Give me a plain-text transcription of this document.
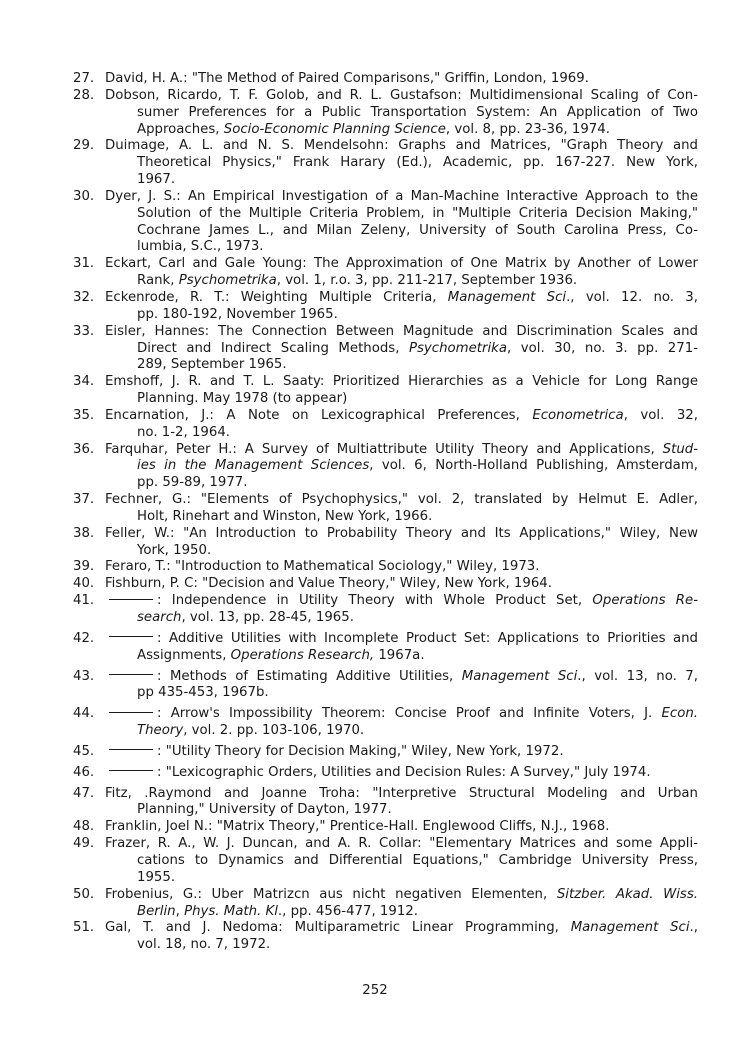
27. David, H. A.: "The Method of Paired Comparisons," Griffin, London, 1969.
28. Dobson, Ricardo, T. F. Golob, and R. L. Gustafson: Multidimensional Scaling of Con-
sumer Preferences for a Public Transportation System: An Application of Two
Approaches, Socio-Economic Planning Science, vol. 8, pp. 23-36, 1974.
29. Duimage, A. L. and N. S. Mendelsohn: Graphs and Matrices, "Graph Theory and
Theoretical Physics," Frank Harary (Ed.), Academic, pp. 167-227. New York,
1967.
30. Dyer, J. S.: An Empirical Investigation of a Man-Machine Interactive Approach to the
Solution of the Multiple Criteria Problem, in "Multiple Criteria Decision Making,"
Cochrane James L., and Milan Zeleny, University of South Carolina Press, Co-
lumbia, S.C., 1973.
31. Eckart, Carl and Gale Young: The Approximation of One Matrix by Another of Lower
Rank, Psychometrika, vol. 1, r.o. 3, pp. 211-217, September 1936.
32. Eckenrode, R. T.: Weighting Multiple Criteria, Management Sci., vol. 12. no. 3,
pp. 180-192, November 1965.
33. Eisler, Hannes: The Connection Between Magnitude and Discrimination Scales and
Direct and Indirect Scaling Methods, Psychometrika, vol. 30, no. 3. pp. 271-
289, September 1965.
34. Emshoff, J. R. and T. L. Saaty: Prioritized Hierarchies as a Vehicle for Long Range
Planning. May 1978 (to appear)
35. Encarnation, J.: A Note on Lexicographical Preferences, Econometrica, vol. 32,
no. 1-2, 1964.
36. Farquhar, Peter H.: A Survey of Multiattribute Utility Theory and Applications, Stud-
ies in the Management Sciences, vol. 6, North-Holland Publishing, Amsterdam,
pp. 59-89, 1977.
37. Fechner, G.: "Elements of Psychophysics," vol. 2, translated by Helmut E. Adler,
Holt, Rinehart and Winston, New York, 1966.
38. Feller, W.: "An Introduction to Probability Theory and Its Applications," Wiley, New
York, 1950.
39. Feraro, T.: "Introduction to Mathematical Sociology," Wiley, 1973.
40. Fishburn, P. C: "Decision and Value Theory," Wiley, New York, 1964.
41.	: Independence in Utility Theory with Whole Product Set, Operations Re-
search, vol. 13, pp. 28-45, 1965.
42.	: Additive Utilities with Incomplete Product Set: Applications to Priorities and
Assignments, Operations Research, 1967a.
43.	: Methods of Estimating Additive Utilities, Management Sci., vol. 13, no. 7,
pp 435-453, 1967b.
44.	: Arrow's Impossibility Theorem: Concise Proof and Infinite Voters, J. Econ.
Theory, vol. 2. pp. 103-106, 1970.
45.	: "Utility Theory for Decision Making," Wiley, New York, 1972.
46.	: "Lexicographic Orders, Utilities and Decision Rules: A Survey," July 1974.
47. Fitz, .Raymond and Joanne Troha: "Interpretive Structural Modeling and Urban
Planning," University of Dayton, 1977.
48. Franklin, Joel N.: "Matrix Theory," Prentice-Hall. Englewood Cliffs, N.J., 1968.
49. Frazer, R. A., W. J. Duncan, and A. R. Collar: "Elementary Matrices and some Appli-
cations to Dynamics and Differential Equations," Cambridge University Press,
1955.
50. Frobenius, G.: Uber Matrizcn aus nicht negativen Elementen, Sitzber. Akad. Wiss.
Berlin, Phys. Math. Kl., pp. 456-477, 1912.
51. Gal, T. and J. Nedoma: Multiparametric Linear Programming, Management Sci.,
vol. 18, no. 7, 1972.
252
